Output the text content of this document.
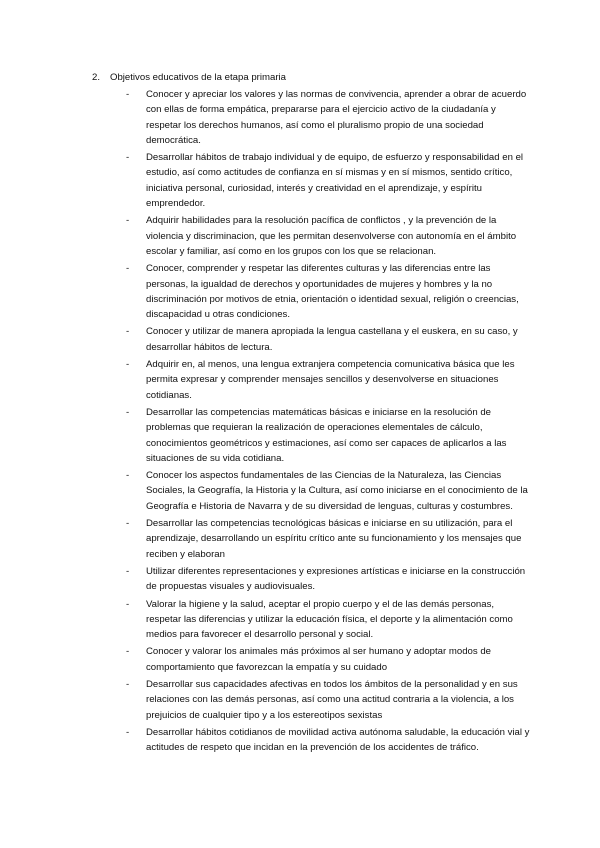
2. Objetivos educativos de la etapa primaria
- Conocer y apreciar los valores y las normas de convivencia, aprender a obrar de acuerdo con ellas de forma empática, prepararse para el ejercicio activo de la ciudadanía y respetar los derechos humanos, así como el pluralismo propio de una sociedad democrática.
- Desarrollar hábitos de trabajo individual y de equipo, de esfuerzo y responsabilidad en el estudio, así como actitudes de confianza en sí mismas y en sí mismos, sentido crítico, iniciativa personal, curiosidad, interés y creatividad en el aprendizaje, y espíritu emprendedor.
- Adquirir habilidades para la resolución pacífica de conflictos , y la prevención de la violencia y discriminacion, que les permitan desenvolverse con autonomía en el ámbito escolar y familiar, así como en los grupos con los que se relacionan.
- Conocer, comprender y respetar las diferentes culturas y las diferencias entre las personas, la igualdad de derechos y oportunidades de mujeres y hombres y la no discriminación por motivos de etnia, orientación o identidad sexual, religión o creencias, discapacidad u otras condiciones.
- Conocer y utilizar de manera apropiada la lengua castellana y el euskera, en su caso, y desarrollar hábitos de lectura.
- Adquirir en, al menos, una lengua extranjera competencia comunicativa básica que les permita expresar y comprender mensajes sencillos y desenvolverse en situaciones cotidianas.
- Desarrollar las competencias matemáticas básicas e iniciarse en la resolución de problemas que requieran la realización de operaciones elementales de cálculo, conocimientos geométricos y estimaciones, así como ser capaces de aplicarlos a las situaciones de su vida cotidiana.
- Conocer los aspectos fundamentales de las Ciencias de la Naturaleza, las Ciencias Sociales, la Geografía, la Historia y la Cultura, así como iniciarse en el conocimiento de la Geografía e Historia de Navarra y de su diversidad de lenguas, culturas y costumbres.
- Desarrollar las competencias tecnológicas básicas e iniciarse en su utilización, para el aprendizaje, desarrollando un espíritu crítico ante su funcionamiento y los mensajes que reciben y elaboran
- Utilizar diferentes representaciones y expresiones artísticas e iniciarse en la construcción de propuestas visuales y audiovisuales.
- Valorar la higiene y la salud, aceptar el propio cuerpo y el de las demás personas, respetar las diferencias y utilizar la educación física, el deporte y la alimentación como medios para favorecer el desarrollo personal y social.
- Conocer y valorar los animales más próximos al ser humano y adoptar modos de comportamiento que favorezcan la empatía y su cuidado
- Desarrollar sus capacidades afectivas en todos los ámbitos de la personalidad y en sus relaciones con las demás personas, así como una actitud contraria a la violencia, a los prejuicios de cualquier tipo y a los estereotipos sexistas
- Desarrollar hábitos cotidianos de movilidad activa autónoma saludable, la educación vial y actitudes de respeto que incidan en la prevención de los accidentes de tráfico.
